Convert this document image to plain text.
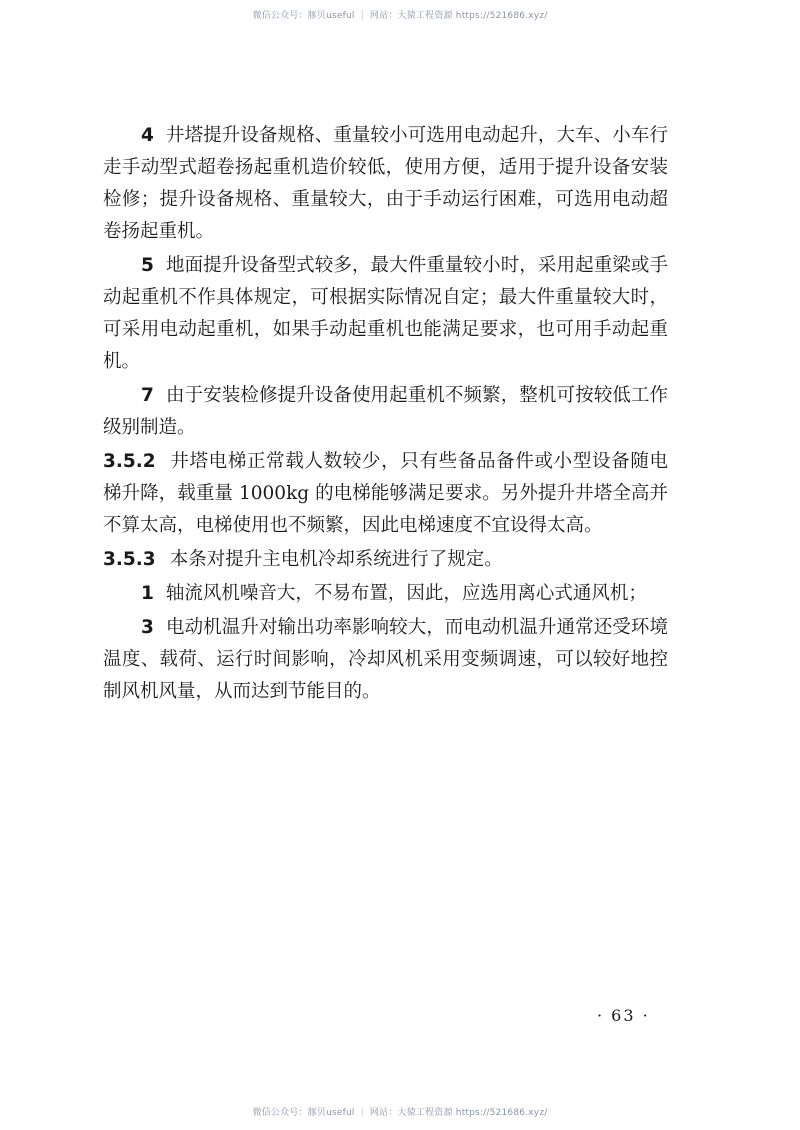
微信公众号：豚贝useful ｜ 网站：大猿工程资源 https://521686.xyz/

4 井塔提升设备规格、重量较小可选用电动起升，大车、小车行走手动型式超卷扬起重机造价较低，使用方便，适用于提升设备安装检修；提升设备规格、重量较大，由于手动运行困难，可选用电动超卷扬起重机。

5 地面提升设备型式较多，最大件重量较小时，采用起重梁或手动起重机不作具体规定，可根据实际情况自定；最大件重量较大时，可采用电动起重机，如果手动起重机也能满足要求，也可用手动起重机。

7 由于安装检修提升设备使用起重机不频繁，整机可按较低工作级别制造。

3.5.2 井塔电梯正常载人数较少，只有些备品备件或小型设备随电梯升降，载重量 1000kg 的电梯能够满足要求。另外提升井塔全高并不算太高，电梯使用也不频繁，因此电梯速度不宜设得太高。

3.5.3 本条对提升主电机冷却系统进行了规定。

1 轴流风机噪音大，不易布置，因此，应选用离心式通风机；

3 电动机温升对输出功率影响较大，而电动机温升通常还受环境温度、载荷、运行时间影响，冷却风机采用变频调速，可以较好地控制风机风量，从而达到节能目的。

· 63 ·
微信公众号：豚贝useful ｜ 网站：大猿工程资源 https://521686.xyz/
